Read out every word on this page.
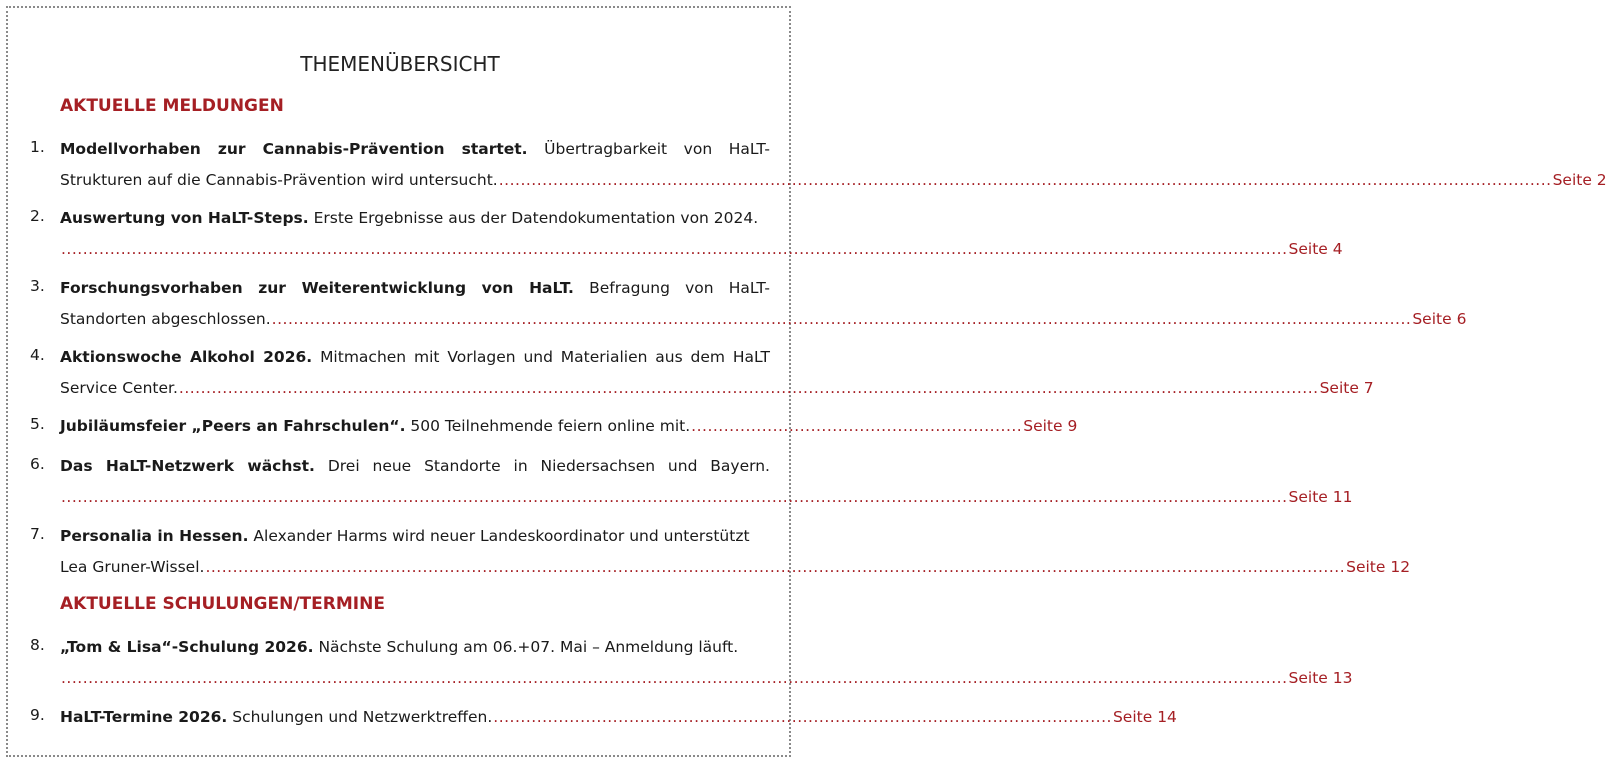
THEMENÜBERSICHT
AKTUELLE MELDUNGEN
1. Modellvorhaben zur Cannabis-Prävention startet. Übertragbarkeit von HaLT-
Strukturen auf die Cannabis-Prävention wird untersucht. .................................................................................................................................................................................................. Seite 2
2. Auswertung von HaLT-Steps. Erste Ergebnisse aus der Datendokumentation von 2024.
.................................................................................................................................................................................................................................. Seite 4
3. Forschungsvorhaben zur Weiterentwicklung von HaLT. Befragung von HaLT-
Standorten abgeschlossen. .................................................................................................................................................................................................................. Seite 6
4. Aktionswoche Alkohol 2026. Mitmachen mit Vorlagen und Materialien aus dem HaLT
Service Center. .................................................................................................................................................................................................................. Seite 7
5. Jubiläumsfeier „Peers an Fahrschulen“. 500 Teilnehmende feiern online mit. ............................................................. Seite 9
6. Das HaLT-Netzwerk wächst. Drei neue Standorte in Niedersachsen und Bayern.
.................................................................................................................................................................................................................................. Seite 11
7. Personalia in Hessen. Alexander Harms wird neuer Landeskoordinator und unterstützt
Lea Gruner-Wissel. .................................................................................................................................................................................................................. Seite 12
AKTUELLE SCHULUNGEN/TERMINE
8. „Tom & Lisa“-Schulung 2026. Nächste Schulung am 06.+07. Mai – Anmeldung läuft.
.................................................................................................................................................................................................................................. Seite 13
9. HaLT-Termine 2026. Schulungen und Netzwerktreffen. .................................................................................................................. Seite 14
